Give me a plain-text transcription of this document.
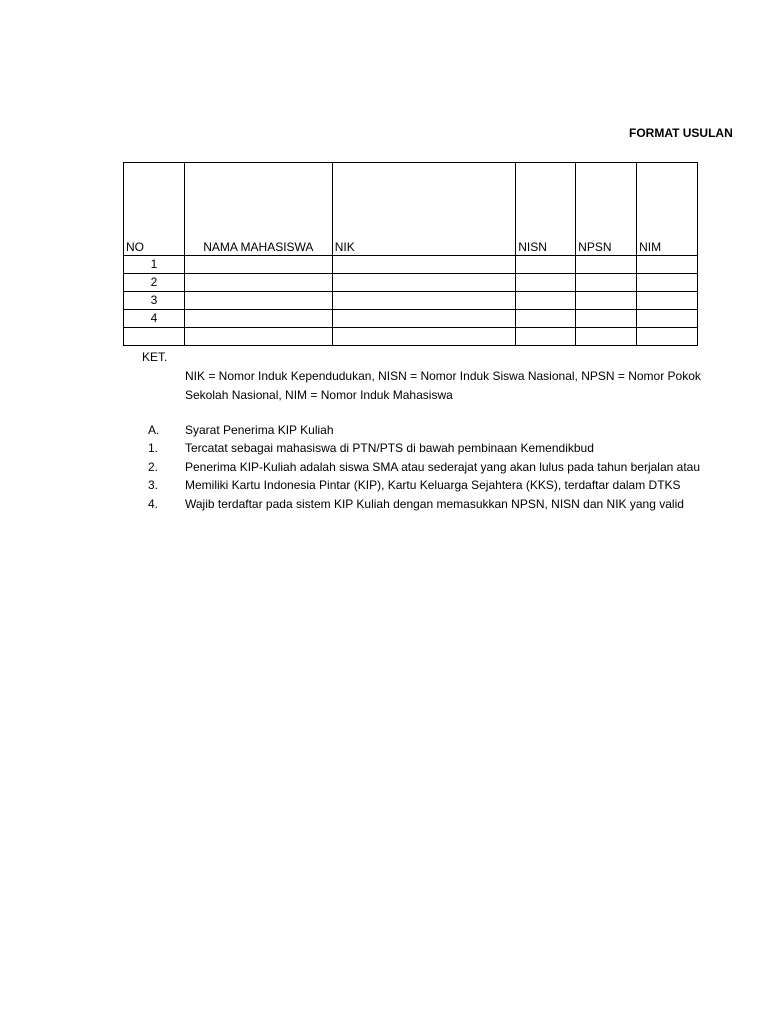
FORMAT USULAN
NO	NAMA MAHASISWA	NIK	NISN	NPSN	NIM
1					
2					
3					
4					

KET.
NIK = Nomor Induk Kependudukan, NISN = Nomor Induk Siswa Nasional, NPSN = Nomor Pokok
Sekolah Nasional, NIM = Nomor Induk Mahasiswa
A.	Syarat Penerima KIP Kuliah
1.	Tercatat sebagai mahasiswa di PTN/PTS di bawah pembinaan Kemendikbud
2.	Penerima KIP-Kuliah adalah siswa SMA atau sederajat yang akan lulus pada tahun berjalan atau
3.	Memiliki Kartu Indonesia Pintar (KIP), Kartu Keluarga Sejahtera (KKS), terdaftar dalam DTKS
4.	Wajib terdaftar pada sistem KIP Kuliah dengan memasukkan NPSN, NISN dan NIK yang valid
